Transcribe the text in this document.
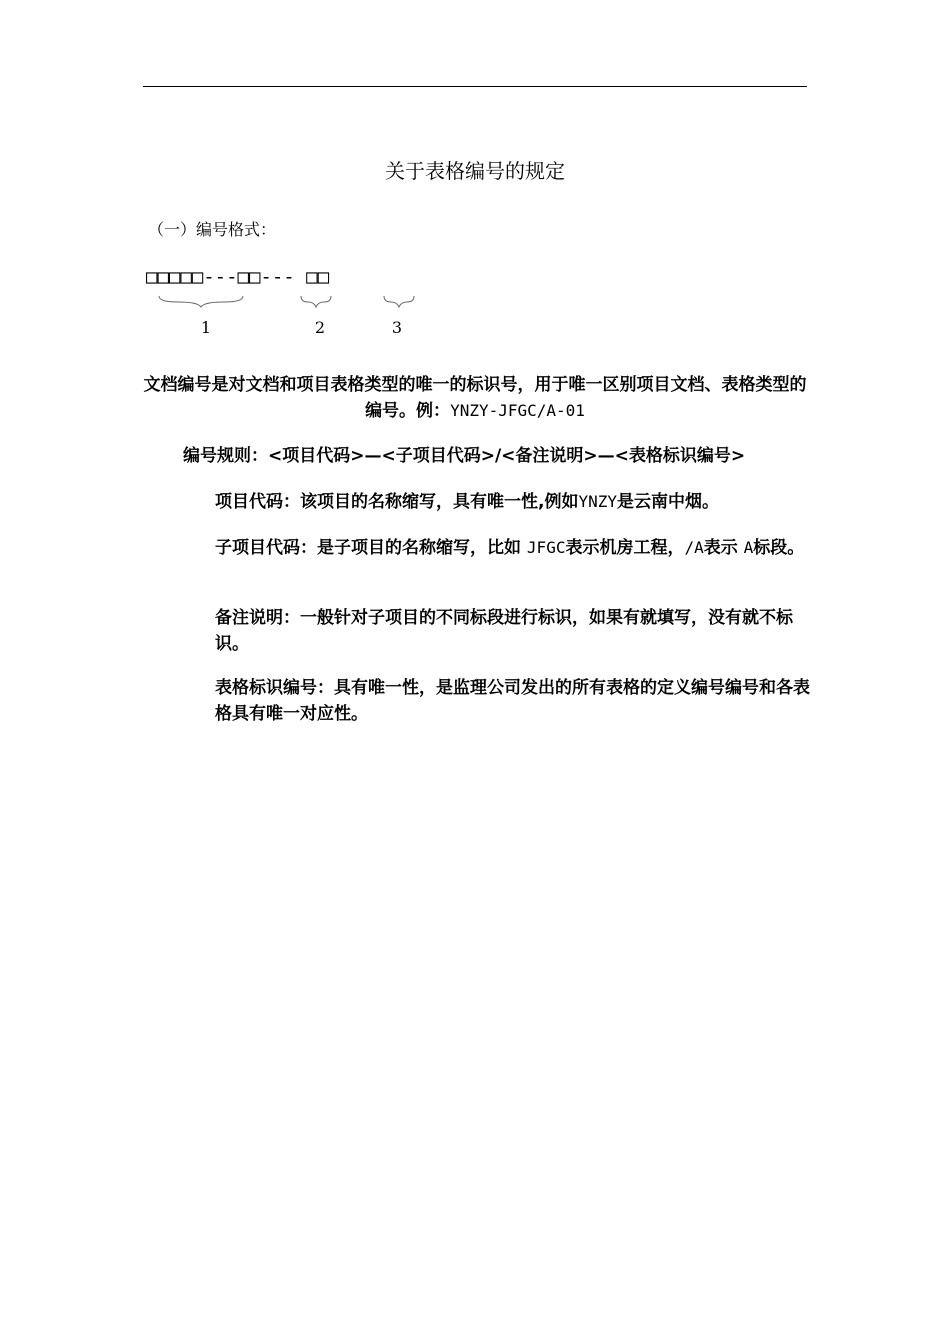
关于表格编号的规定
（一）编号格式：
□□□□□---□□--- □□
1	2	3
文档编号是对文档和项目表格类型的唯一的标识号，用于唯一区别项目文档、表格类型的编号。例：YNZY-JFGC/A-01
编号规则：<项目代码>—<子项目代码>/<备注说明>—<表格标识编号>
项目代码：该项目的名称缩写，具有唯一性,例如YNZY是云南中烟。
子项目代码：是子项目的名称缩写，比如 JFGC表示机房工程，/A表示 A标段。
备注说明：一般针对子项目的不同标段进行标识，如果有就填写，没有就不标识。
表格标识编号：具有唯一性，是监理公司发出的所有表格的定义编号编号和各表格具有唯一对应性。
